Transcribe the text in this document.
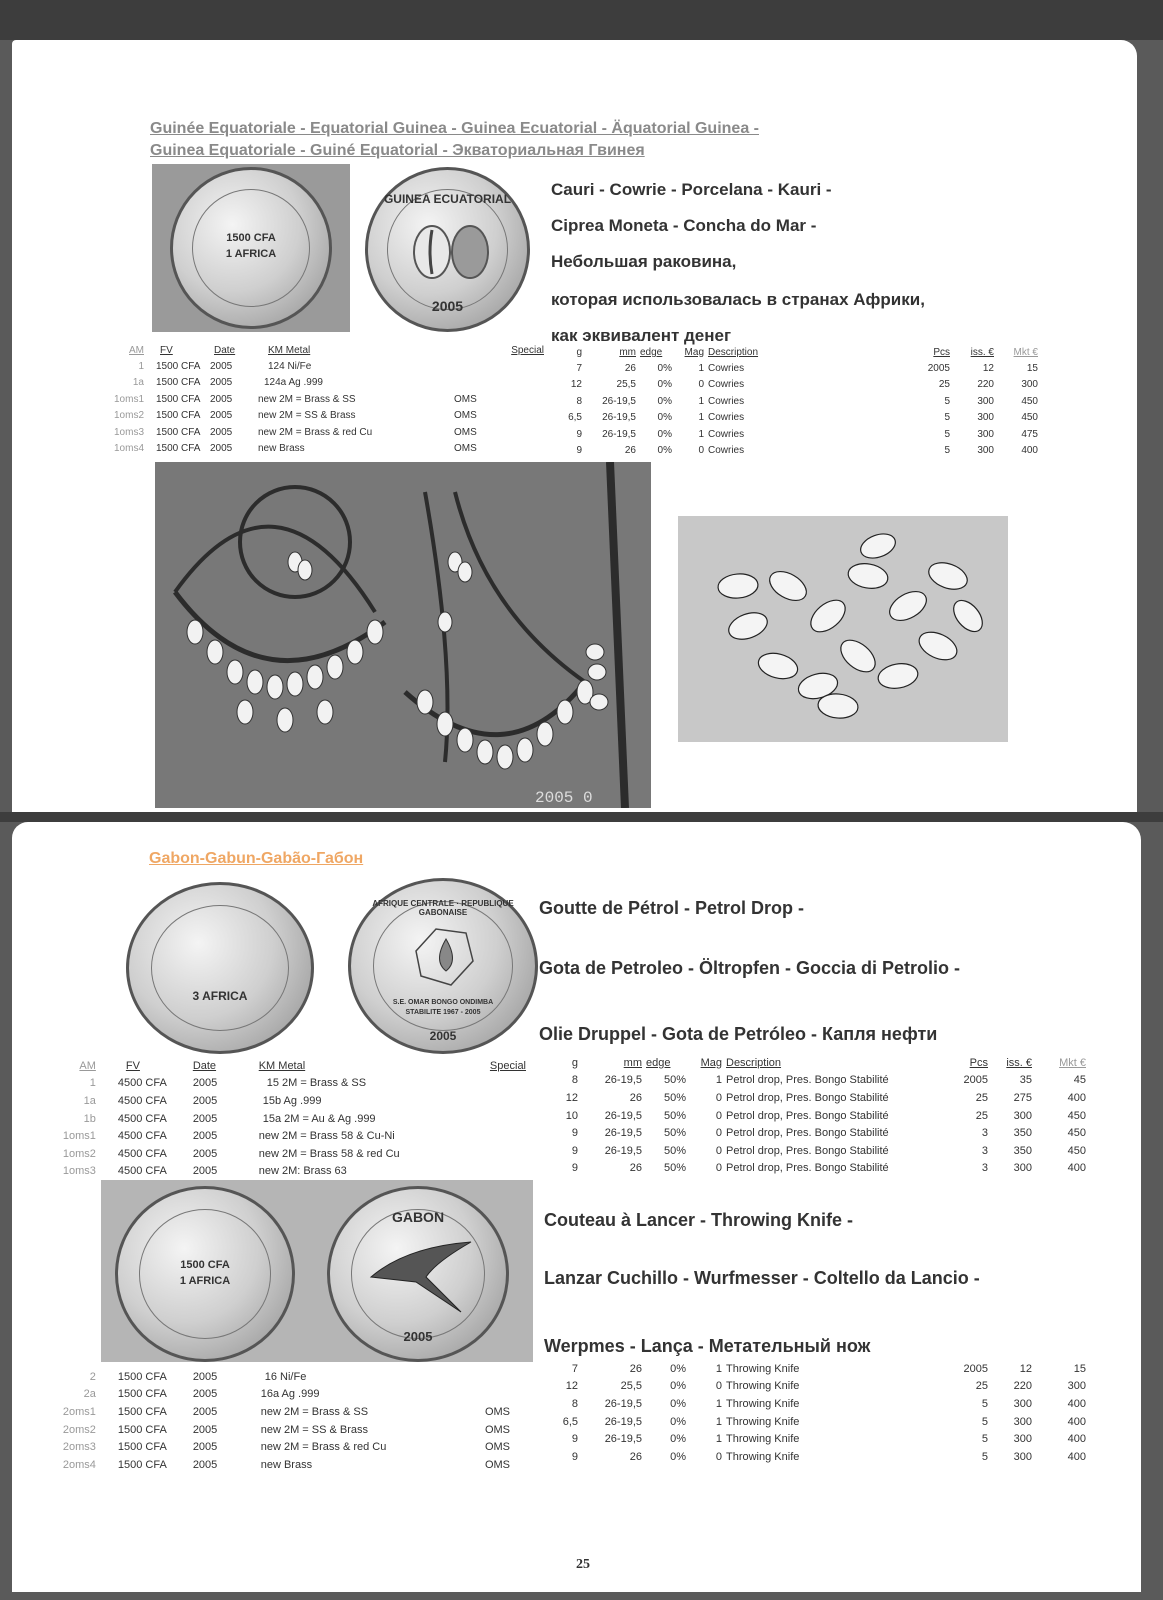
Guinée Equatoriale - Equatorial Guinea - Guinea Ecuatorial - Äquatorial Guinea -
Guinea Equatoriale - Guiné Equatorial - Экваториальная Гвинея
1500 CFA
1 AFRICA
GUINEA ECUATORIAL
2005
Cauri - Cowrie - Porcelana - Kauri -
Ciprea Moneta - Concha do Mar -
Небольшая раковина,
которая использовалась в странах Африки,
как эквивалент денег
AM	FV	Date	KM Metal		Special
1	1500 CFA	2005	124 Ni/Fe		
1a	1500 CFA	2005	124a Ag .999		
1oms1	1500 CFA	2005	new 2M = Brass & SS		OMS
1oms2	1500 CFA	2005	new 2M = SS & Brass		OMS
1oms3	1500 CFA	2005	new 2M = Brass & red Cu		OMS
1oms4	1500 CFA	2005	new Brass		OMS
g	mm	edge	Mag	Description	Pcs	iss. €	Mkt €
7	26	0%	1	Cowries	2005	12	15
12	25,5	0%	0	Cowries	25	220	300
8	26-19,5	0%	1	Cowries	5	300	450
6,5	26-19,5	0%	1	Cowries	5	300	450
9	26-19,5	0%	1	Cowries	5	300	475
9	26	0%	0	Cowries	5	300	400
2005 0
Gabon-Gabun-Gabão-Габон
3 AFRICA
AFRIQUE CENTRALE · REPUBLIQUE GABONAISE
S.E. OMAR BONGO ONDIMBA
STABILITE 1967 - 2005
2005
Goutte de Pétrol - Petrol Drop -
Gota de Petroleo - Öltropfen - Goccia di Petrolio -
Olie Druppel - Gota de Petróleo - Капля нефти
AM	FV	Date	KM Metal	Special
1	4500 CFA	2005	15 2M = Brass & SS	
1a	4500 CFA	2005	15b Ag .999	
1b	4500 CFA	2005	15a 2M = Au & Ag .999	
1oms1	4500 CFA	2005	new 2M = Brass 58 & Cu-Ni	
1oms2	4500 CFA	2005	new 2M = Brass 58 & red Cu	
1oms3	4500 CFA	2005	new 2M: Brass 63	
g	mm	edge	Mag	Description	Pcs	iss. €	Mkt €
8	26-19,5	50%	1	Petrol drop, Pres. Bongo Stabilité	2005	35	45
12	26	50%	0	Petrol drop, Pres. Bongo Stabilité	25	275	400
10	26-19,5	50%	0	Petrol drop, Pres. Bongo Stabilité	25	300	450
9	26-19,5	50%	0	Petrol drop, Pres. Bongo Stabilité	3	350	450
9	26-19,5	50%	0	Petrol drop, Pres. Bongo Stabilité	3	350	450
9	26	50%	0	Petrol drop, Pres. Bongo Stabilité	3	300	400
1500 CFA
1 AFRICA
GABON
2005
Couteau à Lancer - Throwing Knife -
Lanzar Cuchillo - Wurfmesser - Coltello da Lancio -
Werpmes - Lança - Метательный нож
2	1500 CFA	2005	16 Ni/Fe	
2a	1500 CFA	2005	16a Ag .999	
2oms1	1500 CFA	2005	new 2M = Brass & SS	OMS
2oms2	1500 CFA	2005	new 2M = SS & Brass	OMS
2oms3	1500 CFA	2005	new 2M = Brass & red Cu	OMS
2oms4	1500 CFA	2005	new Brass	OMS
7	26	0%	1	Throwing Knife	2005	12	15
12	25,5	0%	0	Throwing Knife	25	220	300
8	26-19,5	0%	1	Throwing Knife	5	300	400
6,5	26-19,5	0%	1	Throwing Knife	5	300	400
9	26-19,5	0%	1	Throwing Knife	5	300	400
9	26	0%	0	Throwing Knife	5	300	400
25
